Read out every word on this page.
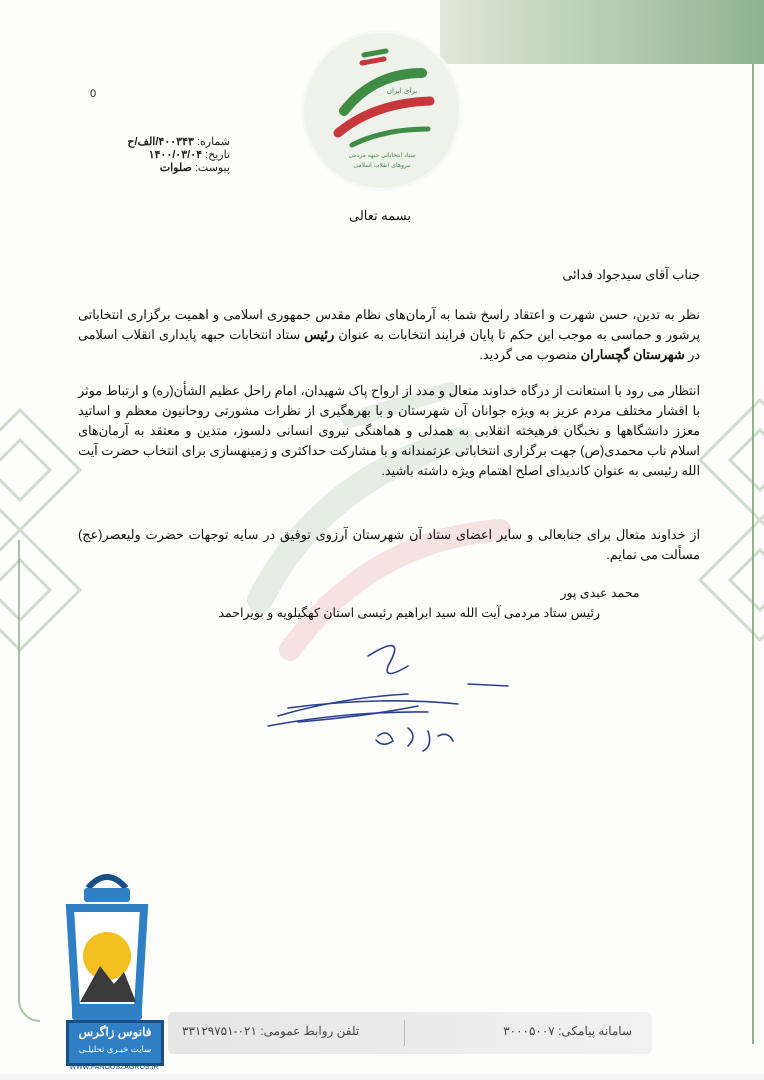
ستاد انتخاباتی جبهه مردمی
نیروهای انقلاب اسلامی
برای ایران
0
شماره: ۴۰۰۳۴۳/الف/ح
تاریخ: ۱۴۰۰/۰۳/۰۴
پیوست: صلوات
بسمه تعالی
جناب آقای سیدجواد فدائی
نظر به تدین، حسن شهرت و اعتقاد راسخ شما به آرمان‌های نظام مقدس جمهوری اسلامی و اهمیت برگزاری انتخاباتی پرشور و حماسی به موجب این حکم تا پایان فرایند انتخابات به عنوان رئیس ستاد انتخابات جبهه پایداری انقلاب اسلامی در شهرستان گچساران منصوب می گردید.
انتظار می رود با استعانت از درگاه خداوند متعال و مدد از ارواح پاک شهیدان، امام راحل عظیم الشأن(ره) و ارتباط موثر با اقشار مختلف مردم عزیز به ویژه جوانان آن شهرستان و با بهرهگیری از نظرات مشورتی روحانیون معظم و اساتید معزز دانشگاهها و نخبگان فرهیخته انقلابی به همدلی و هماهنگی نیروی انسانی دلسوز، متدین و معتقد به آرمان‌های اسلام ناب محمدی(ص) جهت برگزاری انتخاباتی عزتمندانه و با مشارکت حداکثری و زمینهسازی برای انتخاب حضرت آیت الله رئیسی به عنوان کاندیدای اصلح اهتمام ویژه داشته باشید.
از خداوند متعال برای جنابعالی و سایر اعضای ستاد آن شهرستان آرزوی توفیق در سایه توجهات حضرت ولیعصر(عج) مسألت می نمایم.
محمد عبدی پور
رئیس ستاد مردمی آیت الله سید ابراهیم رئیسی استان کهگیلویه و بویراحمد
سامانه پیامکی: ۳۰۰۰۵۰۰۷
تلفن روابط عمومی: ۰۲۱-۳۳۱۲۹۷۵۱
فانوس زاگرس
سایت خبـری تحلیلـی
WWW.FANOOSZAGROS.IR
